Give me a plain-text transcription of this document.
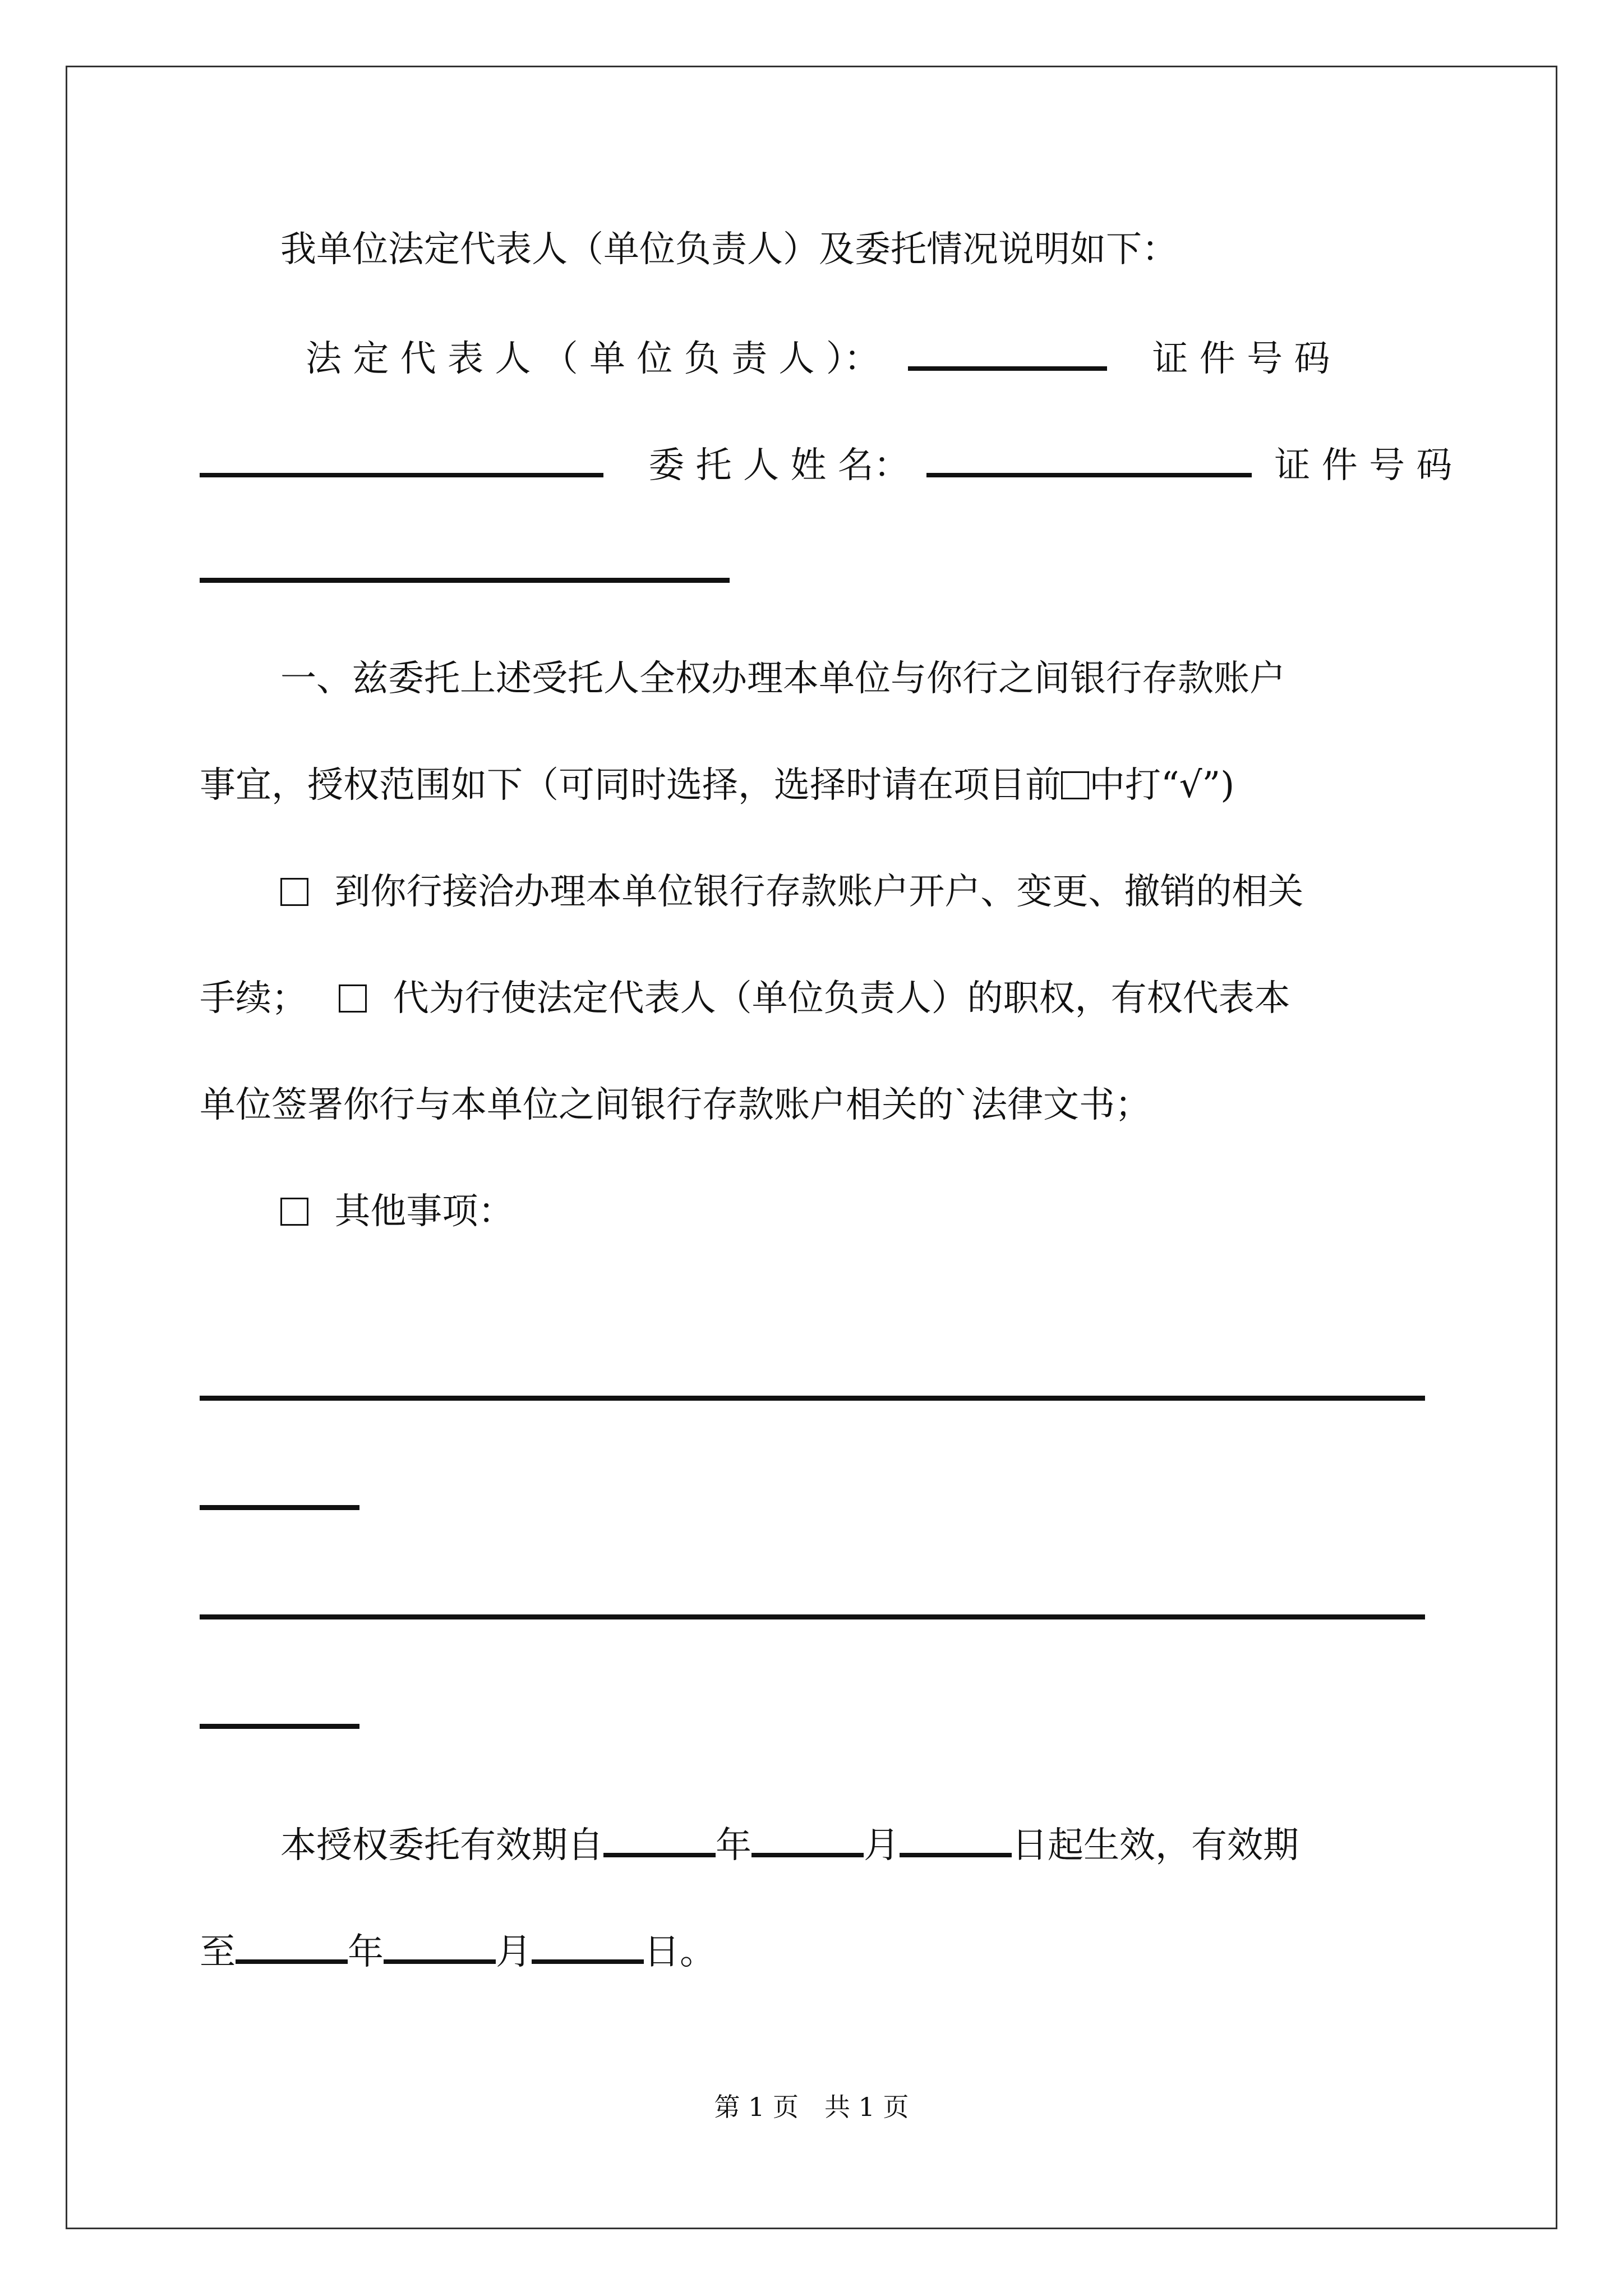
我单位法定代表人（单位负责人）及委托情况说明如下：
法 定 代 表 人 （ 单 位 负 责 人 ）：	证 件 号 码
委 托 人 姓 名：	证 件 号 码
一、兹委托上述受托人全权办理本单位与你行之间银行存款账户
事宜，授权范围如下（可同时选择，选择时请在项目前 中打“√”)
到你行接洽办理本单位银行存款账户开户、变更、撤销的相关
手续； 代为行使法定代表人（单位负责人）的职权，有权代表本
单位签署你行与本单位之间银行存款账户相关的`法律文书；
其他事项：
本授权委托有效期自	年	月	日起生效，有效期
至	年	月	日。
第 1 页　共 1 页
